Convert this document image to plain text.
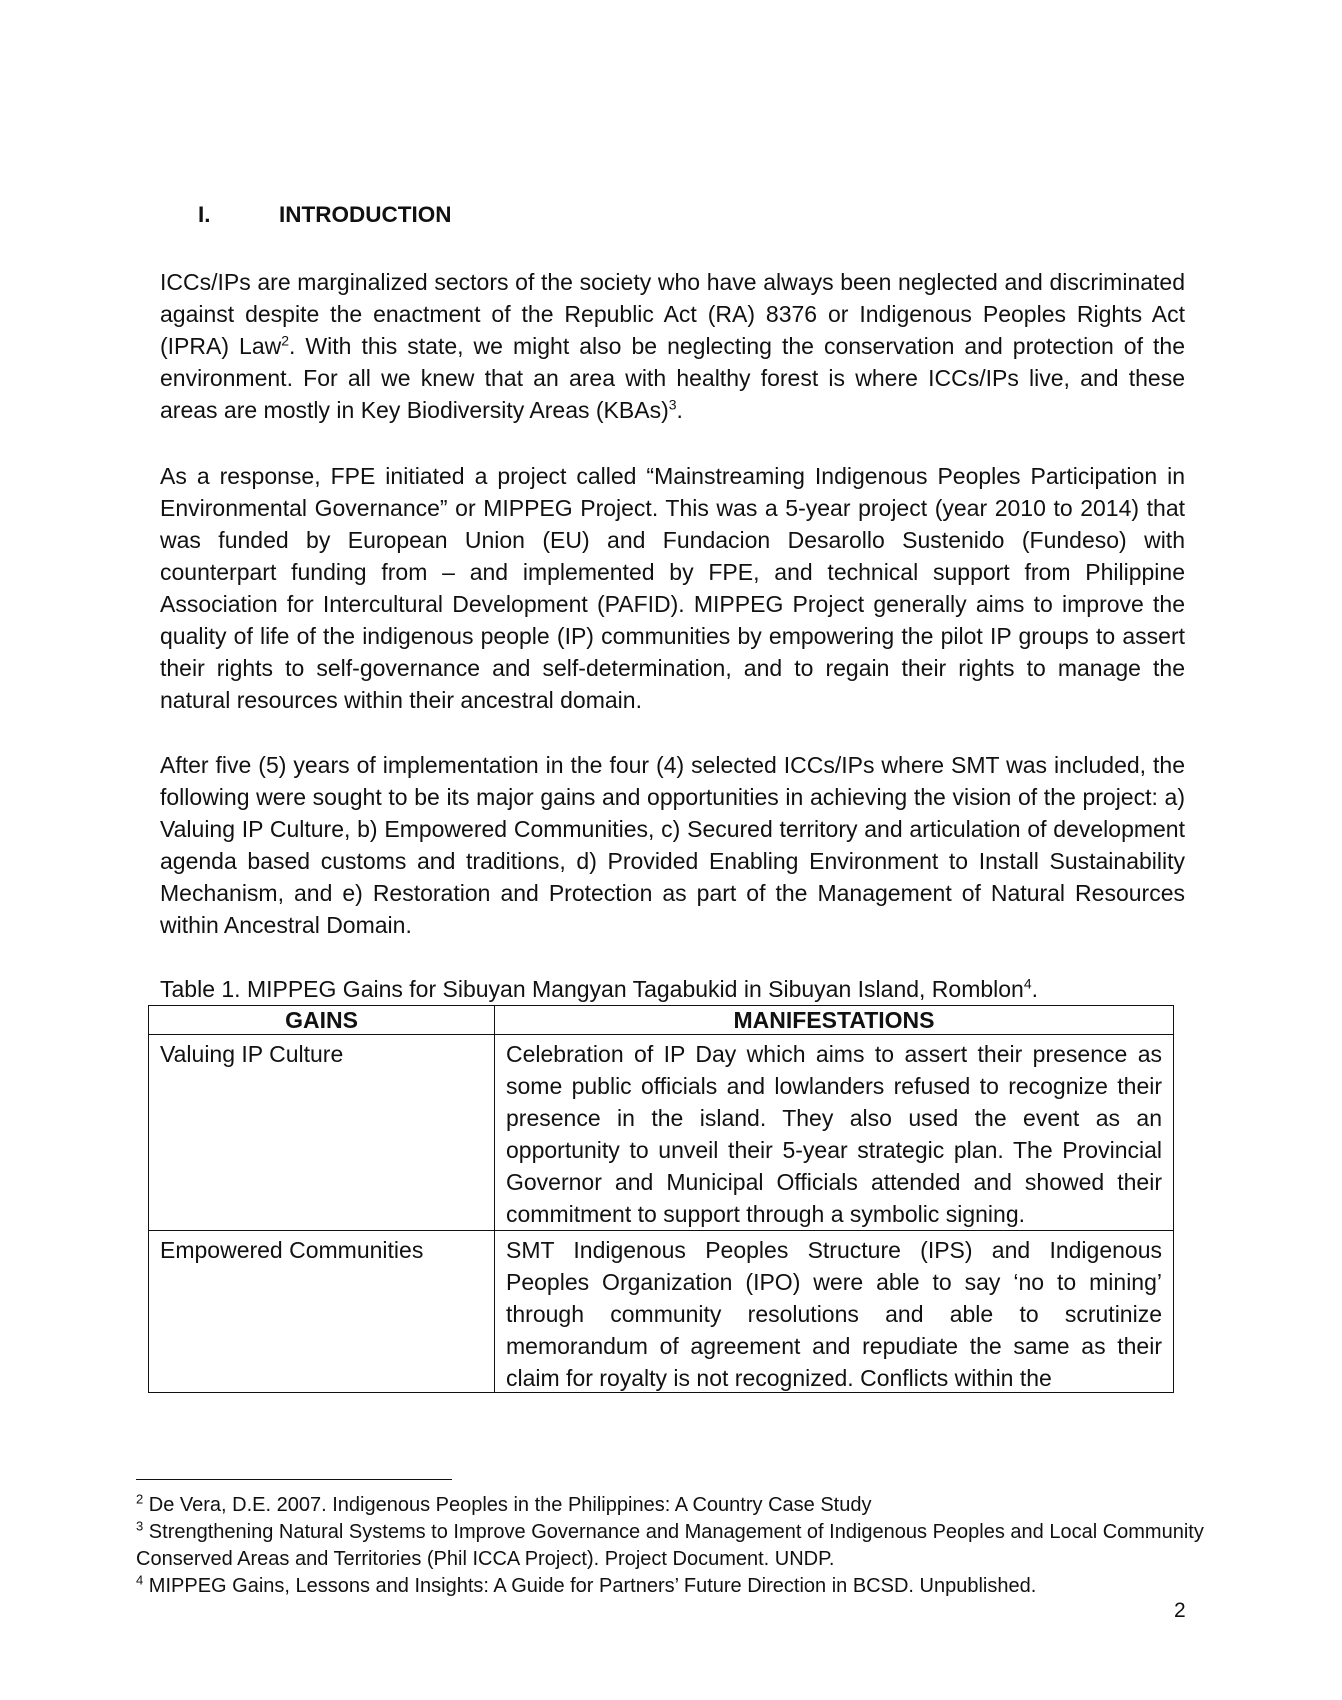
I.	INTRODUCTION

ICCs/IPs are marginalized sectors of the society who have always been neglected and discriminated against despite the enactment of the Republic Act (RA) 8376 or Indigenous Peoples Rights Act (IPRA) Law$^2$. With this state, we might also be neglecting the conservation and protection of the environment. For all we knew that an area with healthy forest is where ICCs/IPs live, and these areas are mostly in Key Biodiversity Areas (KBAs)$^3$.

As a response, FPE initiated a project called “Mainstreaming Indigenous Peoples Participation in Environmental Governance” or MIPPEG Project. This was a 5-year project (year 2010 to 2014) that was funded by European Union (EU) and Fundacion Desarollo Sustenido (Fundeso) with counterpart funding from – and implemented by FPE, and technical support from Philippine Association for Intercultural Development (PAFID). MIPPEG Project generally aims to improve the quality of life of the indigenous people (IP) communities by empowering the pilot IP groups to assert their rights to self-governance and self-determination, and to regain their rights to manage the natural resources within their ancestral domain.

After five (5) years of implementation in the four (4) selected ICCs/IPs where SMT was included, the following were sought to be its major gains and opportunities in achieving the vision of the project: a) Valuing IP Culture, b) Empowered Communities, c) Secured territory and articulation of development agenda based customs and traditions, d) Provided Enabling Environment to Install Sustainability Mechanism, and e) Restoration and Protection as part of the Management of Natural Resources within Ancestral Domain.

Table 1. MIPPEG Gains for Sibuyan Mangyan Tagabukid in Sibuyan Island, Romblon$^4$.

GAINS	MANIFESTATIONS
Valuing IP Culture	Celebration of IP Day which aims to assert their presence as some public officials and lowlanders refused to recognize their presence in the island. They also used the event as an opportunity to unveil their 5-year strategic plan. The Provincial Governor and Municipal Officials attended and showed their commitment to support through a symbolic signing.
Empowered Communities	SMT Indigenous Peoples Structure (IPS) and Indigenous Peoples Organization (IPO) were able to say ‘no to mining’ through community resolutions and able to scrutinize memorandum of agreement and repudiate the same as their claim for royalty is not recognized. Conflicts within the

$^2$ De Vera, D.E. 2007. Indigenous Peoples in the Philippines: A Country Case Study

$^3$ Strengthening Natural Systems to Improve Governance and Management of Indigenous Peoples and Local Community Conserved Areas and Territories (Phil ICCA Project). Project Document. UNDP.

$^4$ MIPPEG Gains, Lessons and Insights: A Guide for Partners’ Future Direction in BCSD. Unpublished.

2
